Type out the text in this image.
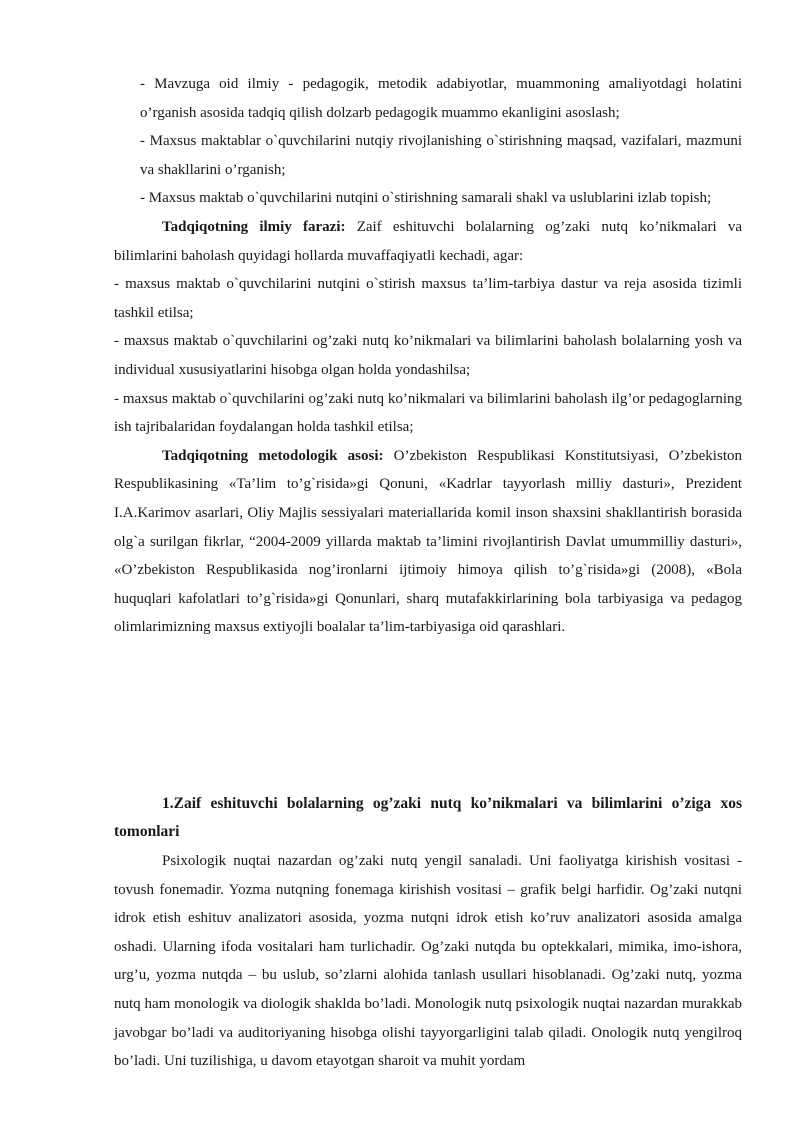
- Mavzuga oid ilmiy - pedagogik, metodik adabiyotlar, muammoning amaliyotdagi holatini o’rganish asosida tadqiq qilish dolzarb pedagogik muammo ekanligini asoslash;

- Maxsus maktablar o`quvchilarini nutqiy rivojlanishing o`stirishning maqsad, vazifalari, mazmuni va shakllarini o’rganish;

- Maxsus maktab o`quvchilarini nutqini o`stirishning samarali shakl va uslublarini izlab topish;

Tadqiqotning ilmiy farazi: Zaif eshituvchi bolalarning og’zaki nutq ko’nikmalari va bilimlarini baholash quyidagi hollarda muvaffaqiyatli kechadi, agar:

- maxsus maktab o`quvchilarini nutqini o`stirish maxsus ta’lim-tarbiya dastur va reja asosida tizimli tashkil etilsa;

- maxsus maktab o`quvchilarini og’zaki nutq ko’nikmalari va bilimlarini baholash bolalarning yosh va individual xususiyatlarini hisobga olgan holda yondashilsa;

- maxsus maktab o`quvchilarini og’zaki nutq ko’nikmalari va bilimlarini baholash ilg’or pedagoglarning ish tajribalaridan foydalangan holda tashkil etilsa;

Tadqiqotning metodologik asosi: O’zbekiston Respublikasi Konstitutsiyasi, O’zbekiston Respublikasining «Ta’lim to’g`risida»gi Qonuni, «Kadrlar tayyorlash milliy dasturi», Prezident I.A.Karimov asarlari, Oliy Majlis sessiyalari materiallarida komil inson shaxsini shakllantirish borasida olg`a surilgan fikrlar, “2004-2009 yillarda maktab ta’limini rivojlantirish Davlat umummilliy dasturi», «O’zbekiston Respublikasida nog’ironlarni ijtimoiy himoya qilish to’g`risida»gi (2008), «Bola huquqlari kafolatlari to’g`risida»gi Qonunlari, sharq mutafakkirlarining bola tarbiyasiga va pedagog olimlarimizning maxsus extiyojli boalalar ta’lim-tarbiyasiga oid qarashlari.

1.Zaif eshituvchi bolalarning og’zaki nutq ko’nikmalari va bilimlarini o’ziga xos tomonlari

Psixologik nuqtai nazardan og’zaki nutq yengil sanaladi. Uni faoliyatga kirishish vositasi - tovush fonemadir. Yozma nutqning fonemaga kirishish vositasi – grafik belgi harfidir. Og’zaki nutqni idrok etish eshituv analizatori asosida, yozma nutqni idrok etish ko’ruv analizatori asosida amalga oshadi. Ularning ifoda vositalari ham turlichadir. Og’zaki nutqda bu optekkalari, mimika, imo-ishora, urg’u, yozma nutqda – bu uslub, so’zlarni alohida tanlash usullari hisoblanadi. Og’zaki nutq, yozma nutq ham monologik va diologik shaklda bo’ladi. Monologik nutq psixologik nuqtai nazardan murakkab javobgar bo’ladi va auditoriyaning hisobga olishi tayyorgarligini talab qiladi. Onologik nutq yengilroq bo’ladi. Uni tuzilishiga, u davom etayotgan sharoit va muhit yordam
